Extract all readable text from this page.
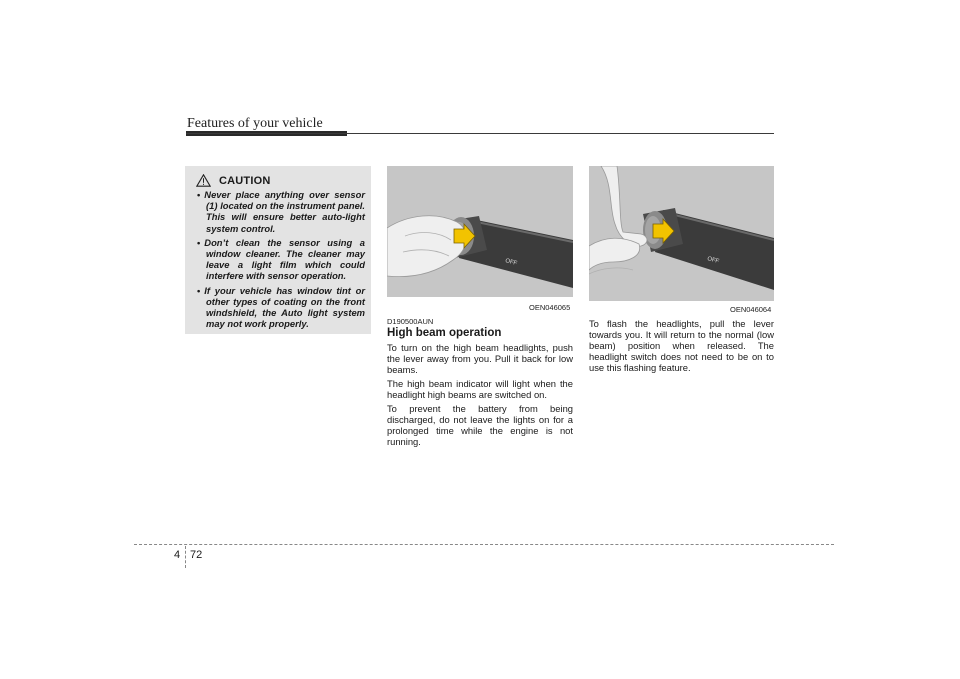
Features of your vehicle
CAUTION
• Never place anything over sensor (1) located on the instrument panel. This will ensure better auto-light system control.
• Don’t clean the sensor using a window cleaner. The cleaner may leave a light film which could interfere with sensor operation.
• If your vehicle has window tint or other types of coating on the front windshield, the Auto light system may not work properly.
OFF
OEN046065
OFF
OEN046064
D190500AUN
High beam operation

To turn on the high beam headlights, push the lever away from you. Pull it back for low beams.

The high beam indicator will light when the headlight high beams are switched on.

To prevent the battery from being discharged, do not leave the lights on for a prolonged time while the engine is not running.

To flash the headlights, pull the lever towards you. It will return to the normal (low beam) position when released. The headlight switch does not need to be on to use this flashing feature.

4 72
